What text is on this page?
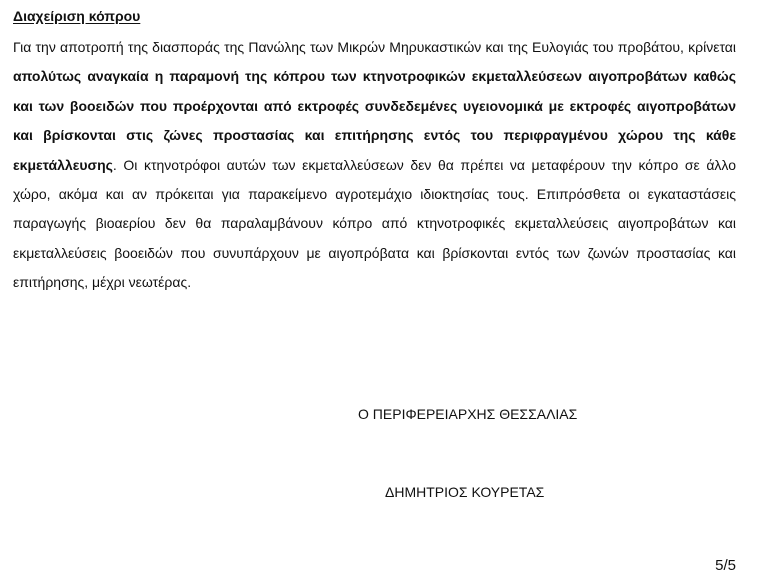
Διαχείριση κόπρου

Για την αποτροπή της διασποράς της Πανώλης των Μικρών Μηρυκαστικών και της Ευλογιάς του προβάτου, κρίνεται απολύτως αναγκαία η παραμονή της κόπρου των κτηνοτροφικών εκμεταλλεύσεων αιγοπροβάτων καθώς και των βοοειδών που προέρχονται από εκτροφές συνδεδεμένες υγειονομικά με εκτροφές αιγοπροβάτων και βρίσκονται στις ζώνες προστασίας και επιτήρησης εντός του περιφραγμένου χώρου της κάθε εκμετάλλευσης. Οι κτηνοτρόφοι αυτών των εκμεταλλεύσεων δεν θα πρέπει να μεταφέρουν την κόπρο σε άλλο χώρο, ακόμα και αν πρόκειται για παρακείμενο αγροτεμάχιο ιδιοκτησίας τους. Επιπρόσθετα οι εγκαταστάσεις παραγωγής βιοαερίου δεν θα παραλαμβάνουν κόπρο από κτηνοτροφικές εκμεταλλεύσεις αιγοπροβάτων και εκμεταλλεύσεις βοοειδών που συνυπάρχουν με αιγοπρόβατα και βρίσκονται εντός των ζωνών προστασίας και επιτήρησης, μέχρι νεωτέρας.

Ο ΠΕΡΙΦΕΡΕΙΑΡΧΗΣ ΘΕΣΣΑΛΙΑΣ
ΔΗΜΗΤΡΙΟΣ ΚΟΥΡΕΤΑΣ
5/5
